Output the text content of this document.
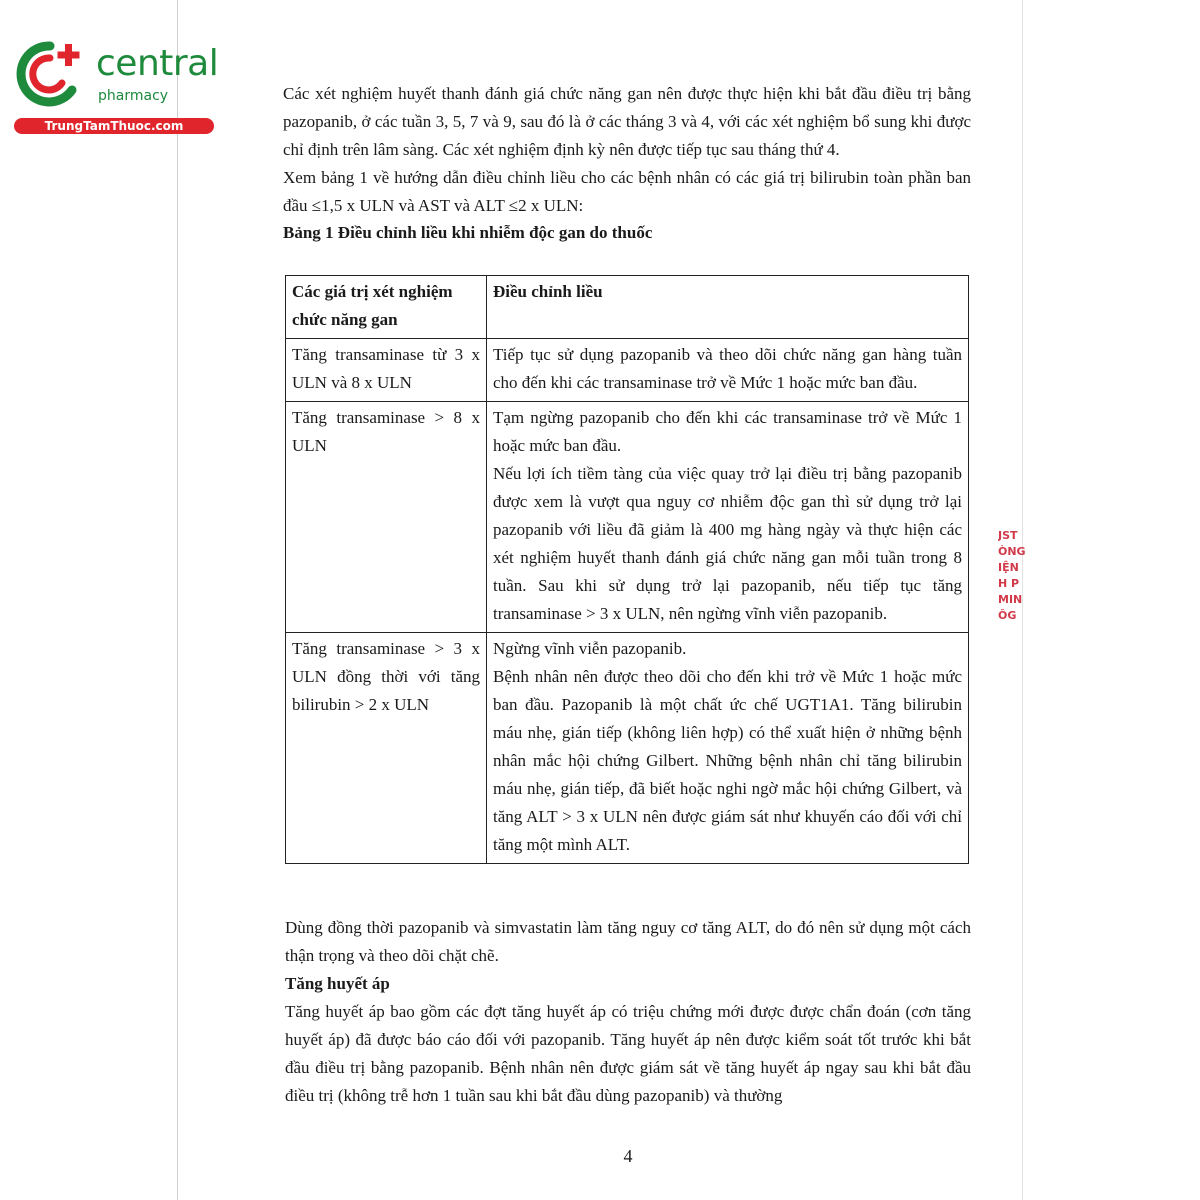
central
pharmacy
TrungTamThuoc.com

Các xét nghiệm huyết thanh đánh giá chức năng gan nên được thực hiện khi bắt đầu điều trị bằng pazopanib, ở các tuần 3, 5, 7 và 9, sau đó là ở các tháng 3 và 4, với các xét nghiệm bổ sung khi được chỉ định trên lâm sàng. Các xét nghiệm định kỳ nên được tiếp tục sau tháng thứ 4.

Xem bảng 1 về hướng dẫn điều chỉnh liều cho các bệnh nhân có các giá trị bilirubin toàn phần ban đầu ≤1,5 x ULN và AST và ALT ≤2 x ULN:

Bảng 1 Điều chỉnh liều khi nhiễm độc gan do thuốc

Các giá trị xét nghiệm chức năng gan	Điều chỉnh liều
Tăng transaminase từ 3 x ULN và 8 x ULN	Tiếp tục sử dụng pazopanib và theo dõi chức năng gan hàng tuần cho đến khi các transaminase trở về Mức 1 hoặc mức ban đầu.

Tăng transaminase > 8 x ULN	Tạm ngừng pazopanib cho đến khi các transaminase trở về Mức 1 hoặc mức ban đầu.
Nếu lợi ích tiềm tàng của việc quay trở lại điều trị bằng pazopanib được xem là vượt qua nguy cơ nhiễm độc gan thì sử dụng trở lại pazopanib với liều đã giảm là 400 mg hàng ngày và thực hiện các xét nghiệm huyết thanh đánh giá chức năng gan mỗi tuần trong 8 tuần. Sau khi sử dụng trở lại pazopanib, nếu tiếp tục tăng transaminase > 3 x ULN, nên ngừng vĩnh viễn pazopanib.

Tăng transaminase > 3 x ULN đồng thời với tăng bilirubin > 2 x ULN	Ngừng vĩnh viễn pazopanib.
Bệnh nhân nên được theo dõi cho đến khi trở về Mức 1 hoặc mức ban đầu. Pazopanib là một chất ức chế UGT1A1. Tăng bilirubin máu nhẹ, gián tiếp (không liên hợp) có thể xuất hiện ở những bệnh nhân mắc hội chứng Gilbert. Những bệnh nhân chỉ tăng bilirubin máu nhẹ, gián tiếp, đã biết hoặc nghi ngờ mắc hội chứng Gilbert, và tăng ALT > 3 x ULN nên được giám sát như khuyến cáo đối với chỉ tăng một mình ALT.

Dùng đồng thời pazopanib và simvastatin làm tăng nguy cơ tăng ALT, do đó nên sử dụng một cách thận trọng và theo dõi chặt chẽ.

Tăng huyết áp

Tăng huyết áp bao gồm các đợt tăng huyết áp có triệu chứng mới được được chẩn đoán (cơn tăng huyết áp) đã được báo cáo đối với pazopanib. Tăng huyết áp nên được kiểm soát tốt trước khi bắt đầu điều trị bằng pazopanib. Bệnh nhân nên được giám sát về tăng huyết áp ngay sau khi bắt đầu điều trị (không trễ hơn 1 tuần sau khi bắt đầu dùng pazopanib) và thường

4
JST
ÒNG
IỆN
H P
MIN
ÔG
